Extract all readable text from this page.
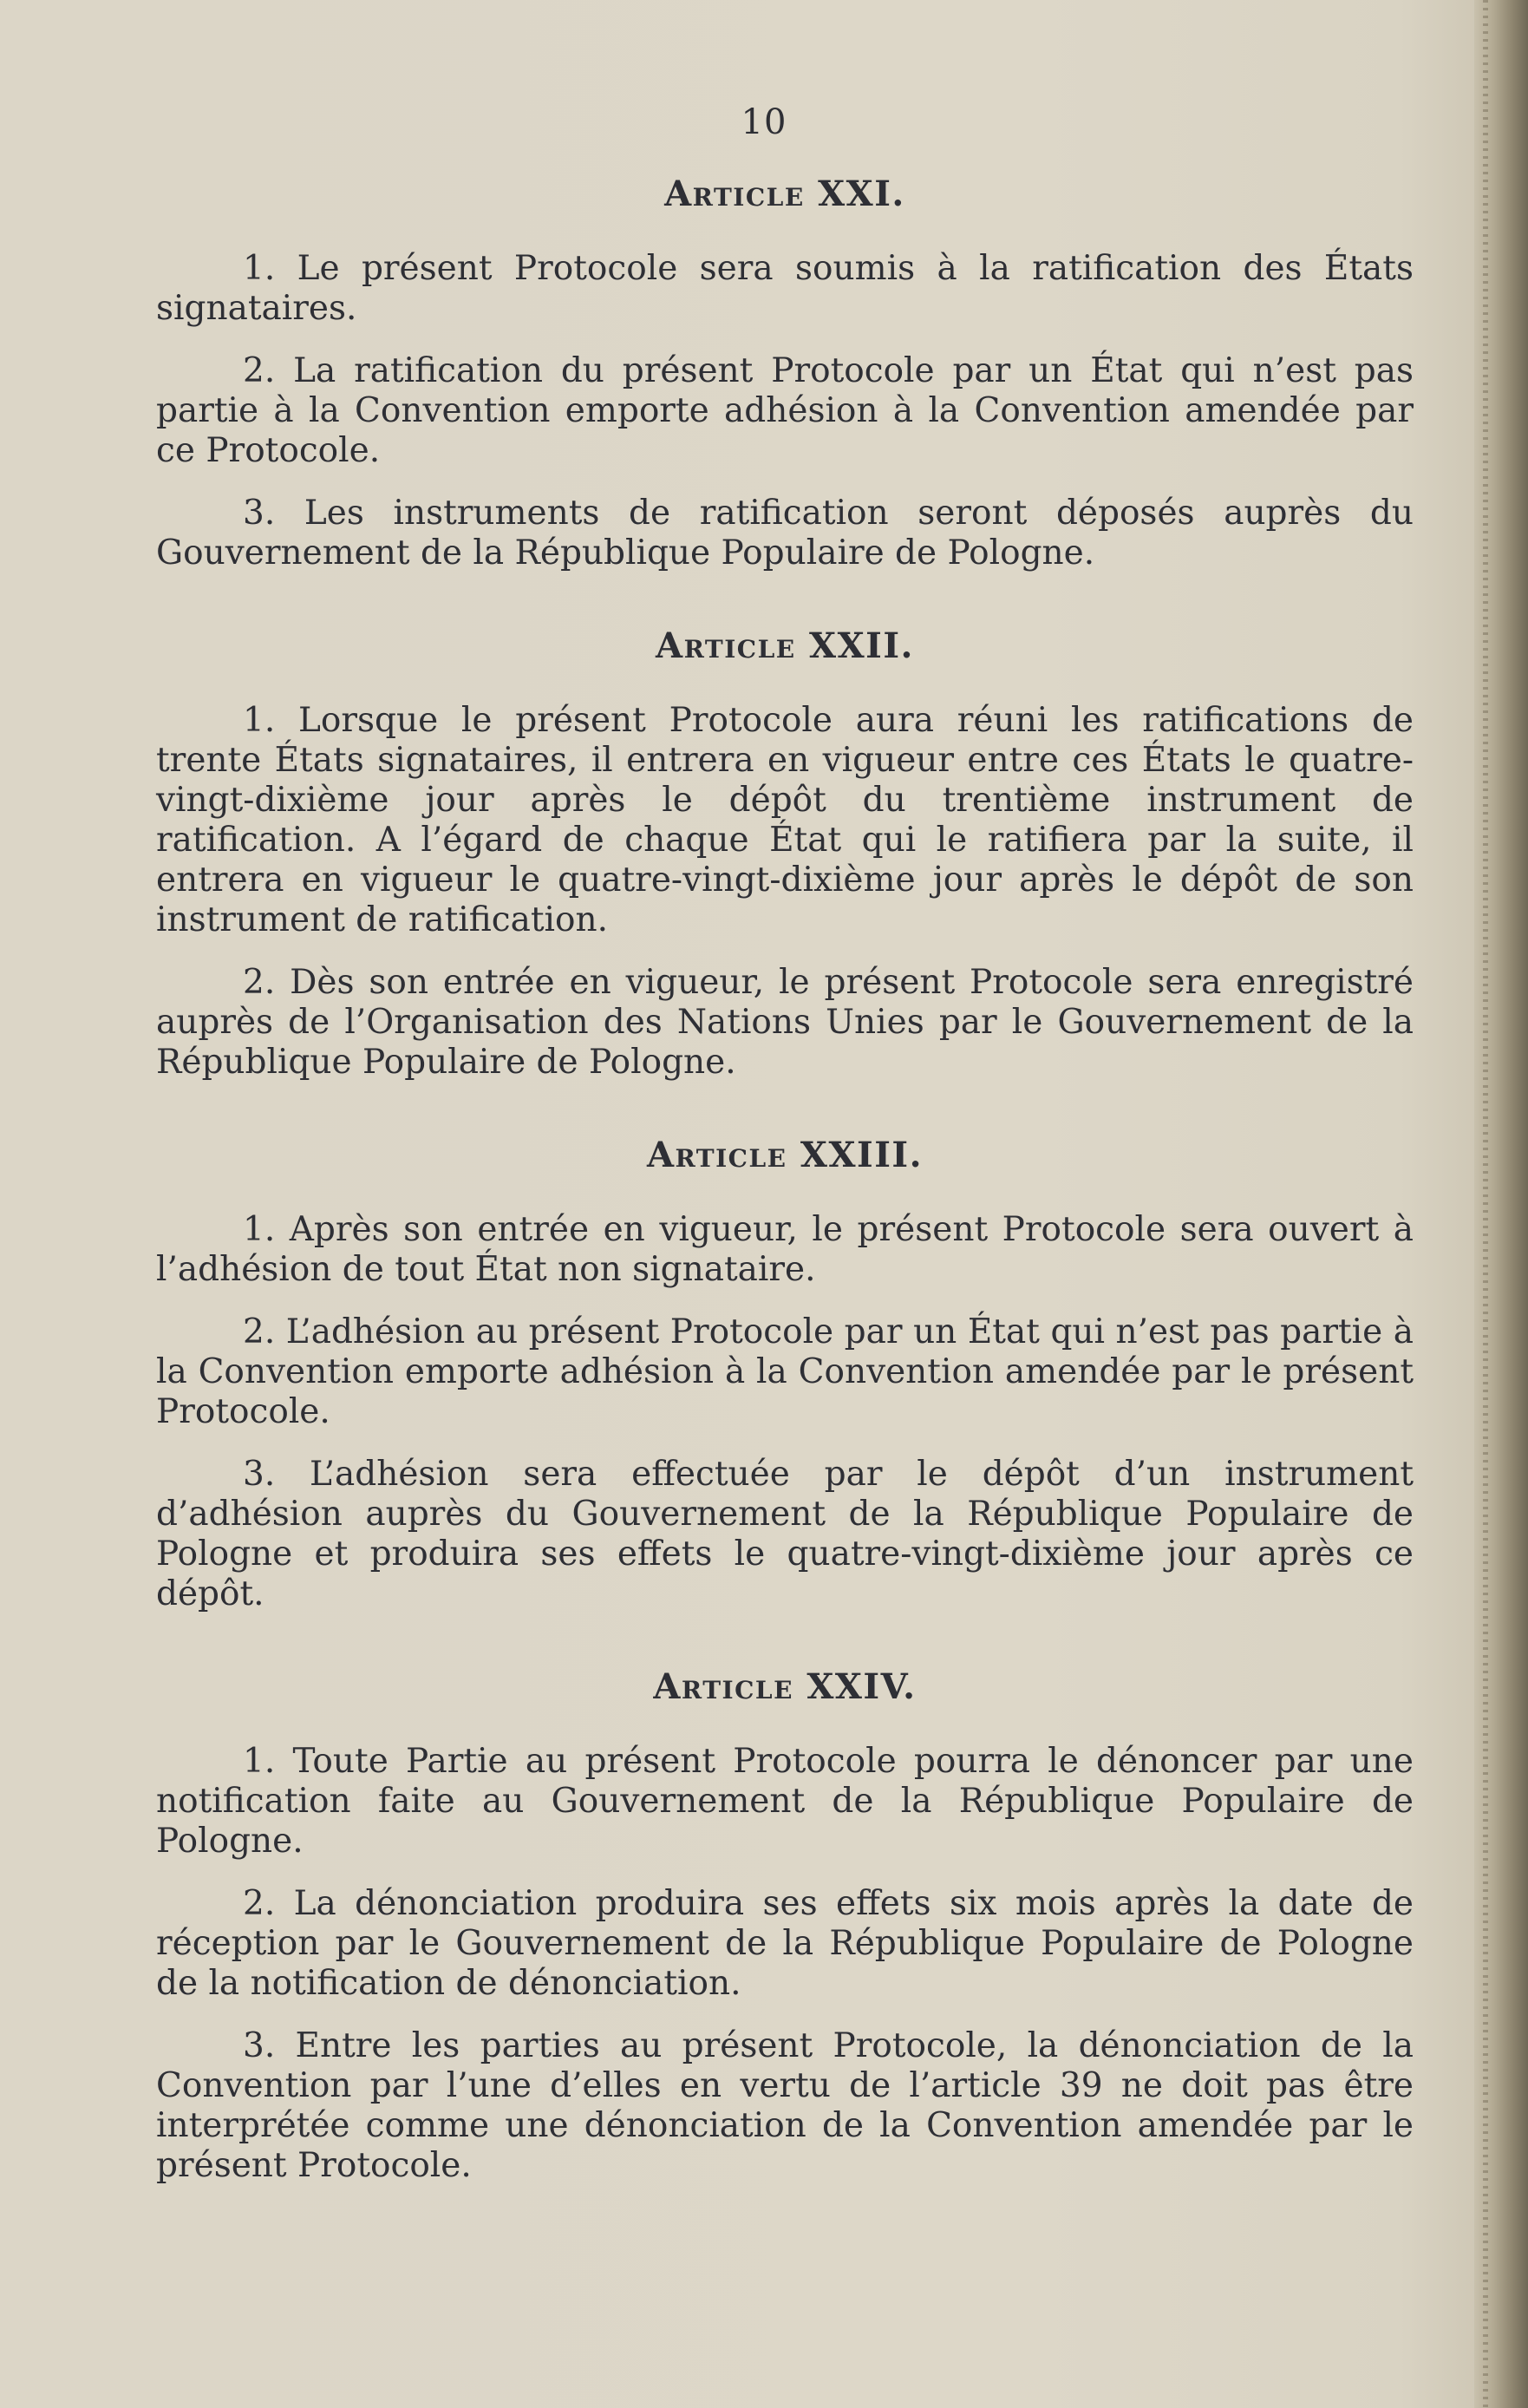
10
Article XXI.

1. Le présent Protocole sera soumis à la ratification des États signataires.

2. La ratification du présent Protocole par un État qui n’est pas partie à la Convention emporte adhésion à la Convention amendée par ce Protocole.

3. Les instruments de ratification seront déposés auprès du Gouvernement de la République Populaire de Pologne.

Article XXII.

1. Lorsque le présent Protocole aura réuni les ratifications de trente États signataires, il entrera en vigueur entre ces États le quatre-vingt-dixième jour après le dépôt du trentième instrument de ratification. A l’égard de chaque État qui le ratifiera par la suite, il entrera en vigueur le quatre-vingt-dixième jour après le dépôt de son instrument de ratification.

2. Dès son entrée en vigueur, le présent Protocole sera enregistré auprès de l’Organisation des Nations Unies par le Gouvernement de la République Populaire de Pologne.

Article XXIII.

1. Après son entrée en vigueur, le présent Protocole sera ouvert à l’adhésion de tout État non signataire.

2. L’adhésion au présent Protocole par un État qui n’est pas partie à la Convention emporte adhésion à la Convention amendée par le présent Protocole.

3. L’adhésion sera effectuée par le dépôt d’un instrument d’adhésion auprès du Gouvernement de la République Populaire de Pologne et produira ses effets le quatre-vingt-dixième jour après ce dépôt.

Article XXIV.

1. Toute Partie au présent Protocole pourra le dénoncer par une notification faite au Gouvernement de la République Populaire de Pologne.

2. La dénonciation produira ses effets six mois après la date de réception par le Gouvernement de la République Populaire de Pologne de la notification de dénonciation.

3. Entre les parties au présent Protocole, la dénonciation de la Convention par l’une d’elles en vertu de l’article 39 ne doit pas être interprétée comme une dénonciation de la Convention amendée par le présent Protocole.
